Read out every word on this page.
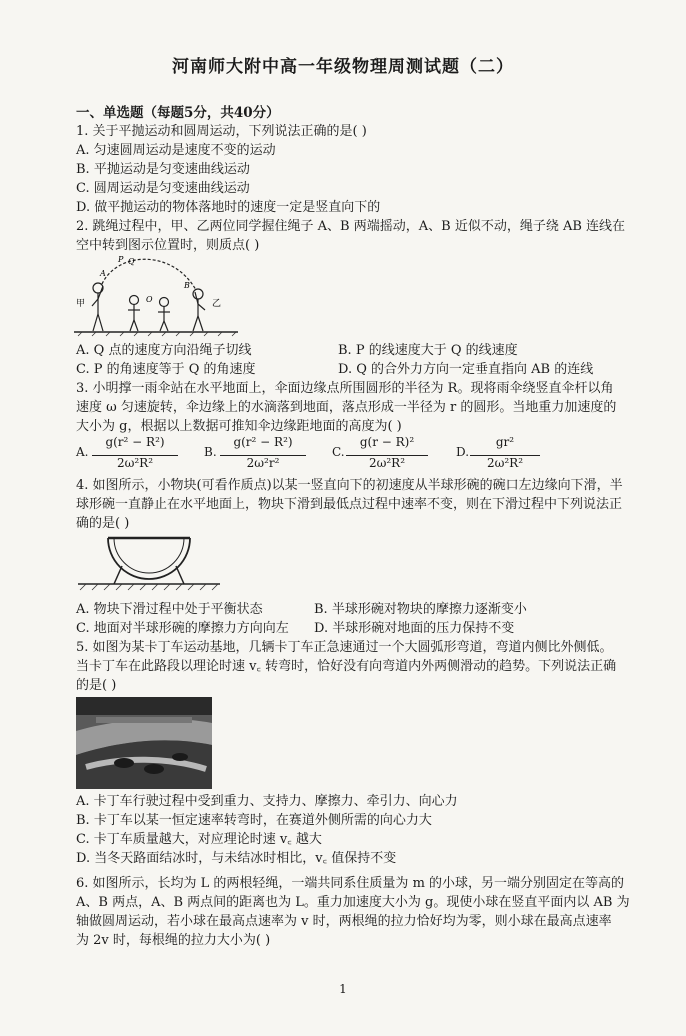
河南师大附中高一年级物理周测试题（二）
一、单选题（每题5分，共40分）
1. 关于平抛运动和圆周运动，下列说法正确的是( )
A. 匀速圆周运动是速度不变的运动
B. 平抛运动是匀变速曲线运动
C. 圆周运动是匀变速曲线运动
D. 做平抛运动的物体落地时的速度一定是竖直向下的
2. 跳绳过程中，甲、乙两位同学握住绳子 A、B 两端摇动，A、B 近似不动，绳子绕 AB 连线在
空中转到图示位置时，则质点( )
A
P Q
O
B
甲	乙
A. Q 点的速度方向沿绳子切线	B. P 的线速度大于 Q 的线速度
C. P 的角速度等于 Q 的角速度	D. Q 的合外力方向一定垂直指向 AB 的连线
3. 小明撑一雨伞站在水平地面上，伞面边缘点所围圆形的半径为 R。现将雨伞绕竖直伞杆以角
速度 ω 匀速旋转，伞边缘上的水滴落到地面，落点形成一半径为 r 的圆形。当地重力加速度的
大小为 g，根据以上数据可推知伞边缘距地面的高度为( )
A.
g(r² − R²)
2ω²R²
B.
g(r² − R²)
2ω²r²
C.
g(r − R)²
2ω²R²
D.
gr²
2ω²R²
4. 如图所示，小物块(可看作质点)以某一竖直向下的初速度从半球形碗的碗口左边缘向下滑，半
球形碗一直静止在水平地面上，物块下滑到最低点过程中速率不变，则在下滑过程中下列说法正
确的是( )
A. 物块下滑过程中处于平衡状态	B. 半球形碗对物块的摩擦力逐渐变小
C. 地面对半球形碗的摩擦力方向向左 D. 半球形碗对地面的压力保持不变
5. 如图为某卡丁车运动基地，几辆卡丁车正急速通过一个大圆弧形弯道，弯道内侧比外侧低。
当卡丁车在此路段以理论时速 v꜀ 转弯时，恰好没有向弯道内外两侧滑动的趋势。下列说法正确
的是( )
A. 卡丁车行驶过程中受到重力、支持力、摩擦力、牵引力、向心力
B. 卡丁车以某一恒定速率转弯时，在赛道外侧所需的向心力大
C. 卡丁车质量越大，对应理论时速 v꜀ 越大
D. 当冬天路面结冰时，与未结冰时相比，v꜀ 值保持不变
6. 如图所示，长均为 L 的两根轻绳，一端共同系住质量为 m 的小球，另一端分别固定在等高的
A、B 两点，A、B 两点间的距离也为 L。重力加速度大小为 g。现使小球在竖直平面内以 AB 为
轴做圆周运动，若小球在最高点速率为 v 时，两根绳的拉力恰好均为零，则小球在最高点速率
为 2v 时，每根绳的拉力大小为( )
1
